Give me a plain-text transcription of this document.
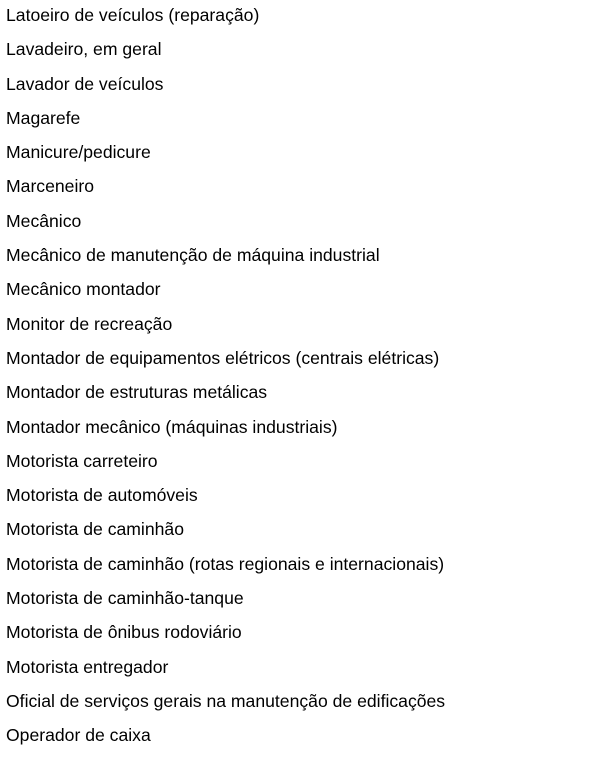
Latoeiro de veículos (reparação)
Lavadeiro, em geral
Lavador de veículos
Magarefe
Manicure/pedicure
Marceneiro
Mecânico
Mecânico de manutenção de máquina industrial
Mecânico montador
Monitor de recreação
Montador de equipamentos elétricos (centrais elétricas)
Montador de estruturas metálicas
Montador mecânico (máquinas industriais)
Motorista carreteiro
Motorista de automóveis
Motorista de caminhão
Motorista de caminhão (rotas regionais e internacionais)
Motorista de caminhão-tanque
Motorista de ônibus rodoviário
Motorista entregador
Oficial de serviços gerais na manutenção de edificações
Operador de caixa
